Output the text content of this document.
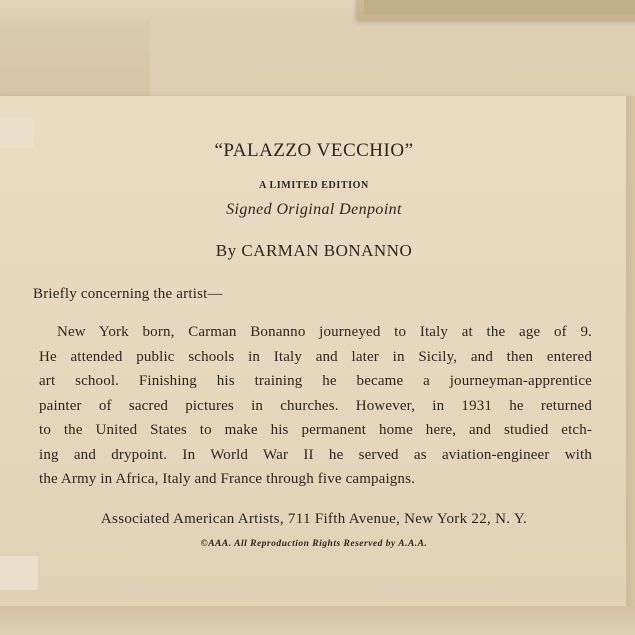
“PALAZZO VECCHIO”
A LIMITED EDITION
Signed Original Denpoint
By CARMAN BONANNO
Briefly concerning the artist—
New York born, Carman Bonanno journeyed to Italy at the age of 9.
He attended public schools in Italy and later in Sicily, and then entered
art school. Finishing his training he became a journeyman-apprentice
painter of sacred pictures in churches. However, in 1931 he returned
to the United States to make his permanent home here, and studied etch-
ing and drypoint. In World War II he served as aviation-engineer with
the Army in Africa, Italy and France through five campaigns.
Associated American Artists, 711 Fifth Avenue, New York 22, N. Y.
©AAA. All Reproduction Rights Reserved by A.A.A.
